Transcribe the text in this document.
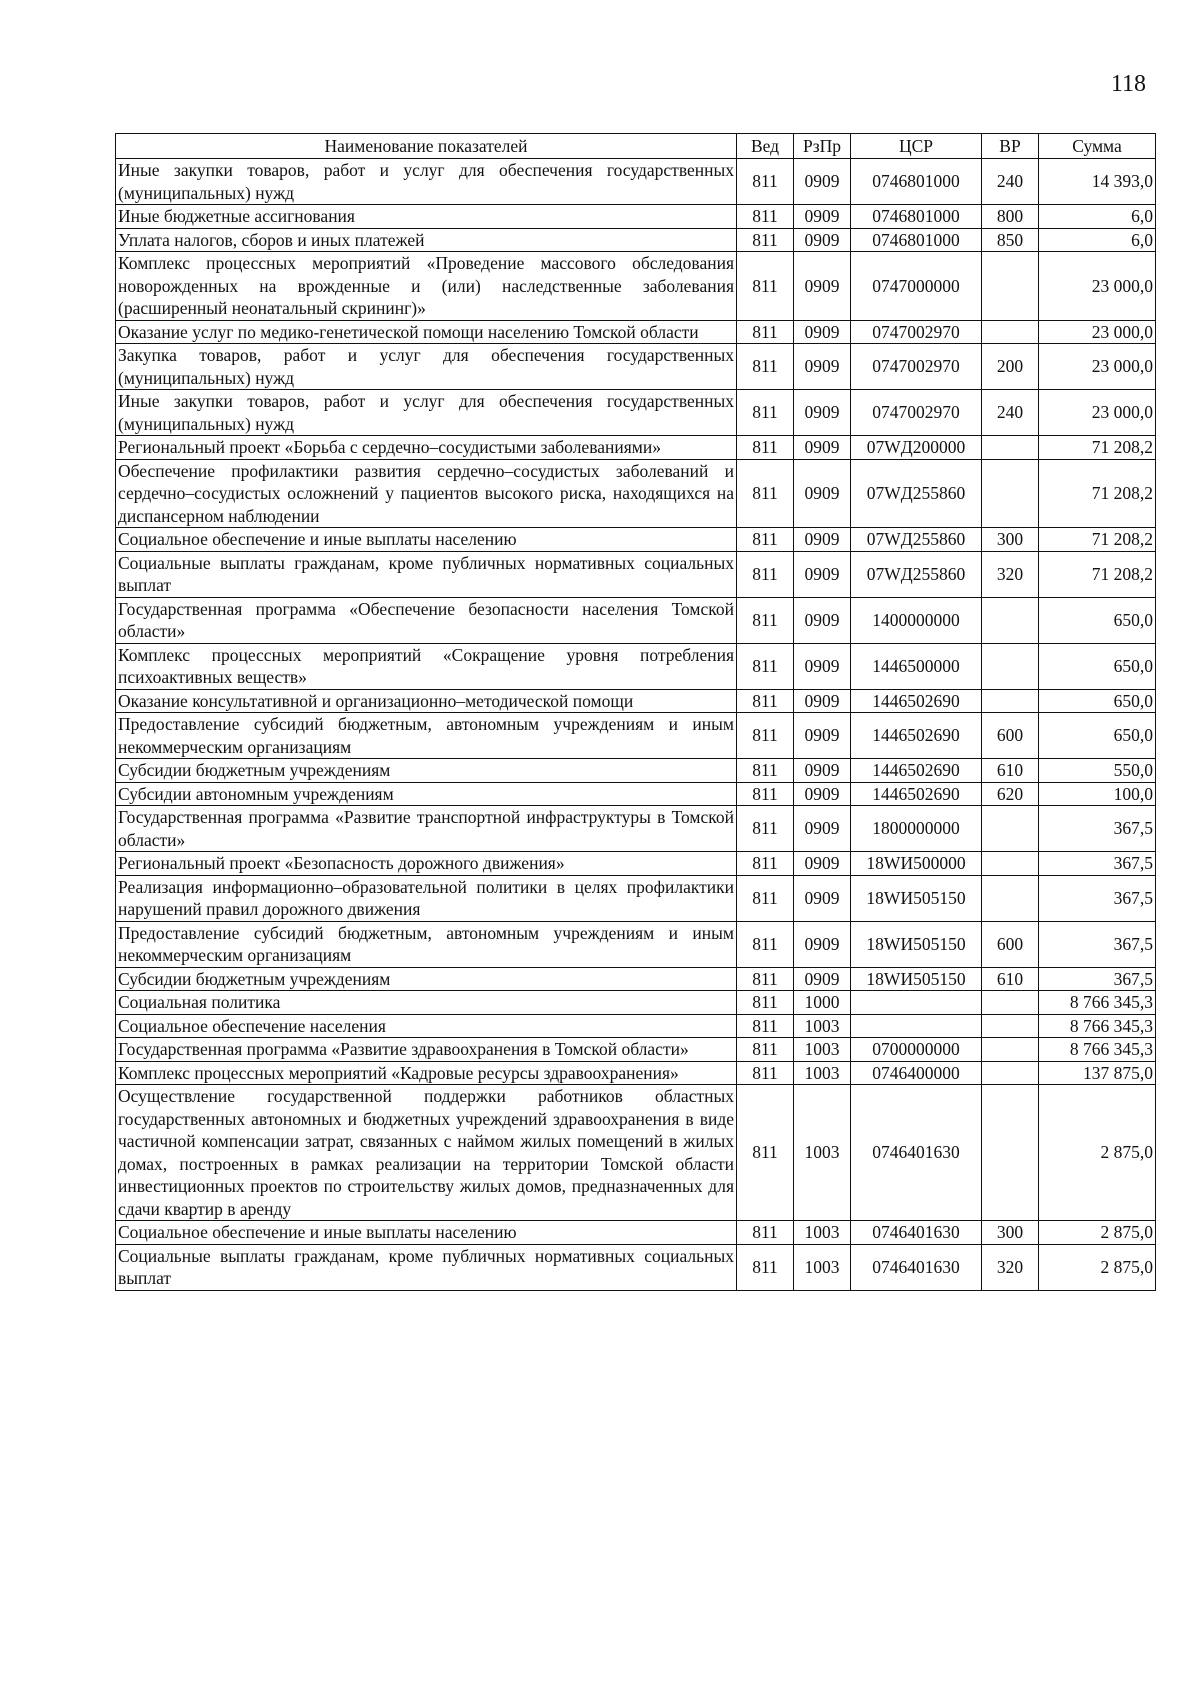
118
Наименование показателей	Вед	РзПр	ЦСР	ВР	Сумма
Иные закупки товаров, работ и услуг для обеспечения государственных (муниципальных) нужд	811	0909	0746801000	240	14 393,0
Иные бюджетные ассигнования	811	0909	0746801000	800	6,0
Уплата налогов, сборов и иных платежей	811	0909	0746801000	850	6,0
Комплекс процессных мероприятий «Проведение массового обследования новорожденных на врожденные и (или) наследственные заболевания (расширенный неонатальный скрининг)»	811	0909	0747000000		23 000,0
Оказание услуг по медико-генетической помощи населению Томской области	811	0909	0747002970		23 000,0
Закупка товаров, работ и услуг для обеспечения государственных (муниципальных) нужд	811	0909	0747002970	200	23 000,0
Иные закупки товаров, работ и услуг для обеспечения государственных (муниципальных) нужд	811	0909	0747002970	240	23 000,0
Региональный проект «Борьба с сердечно–сосудистыми заболеваниями»	811	0909	07WД200000		71 208,2
Обеспечение профилактики развития сердечно–сосудистых заболеваний и сердечно–сосудистых осложнений у пациентов высокого риска, находящихся на диспансерном наблюдении	811	0909	07WД255860		71 208,2
Социальное обеспечение и иные выплаты населению	811	0909	07WД255860	300	71 208,2
Социальные выплаты гражданам, кроме публичных нормативных социальных выплат	811	0909	07WД255860	320	71 208,2
Государственная программа «Обеспечение безопасности населения Томской области»	811	0909	1400000000		650,0
Комплекс процессных мероприятий «Сокращение уровня потребления психоактивных веществ»	811	0909	1446500000		650,0
Оказание консультативной и организационно–методической помощи	811	0909	1446502690		650,0
Предоставление субсидий бюджетным, автономным учреждениям и иным некоммерческим организациям	811	0909	1446502690	600	650,0
Субсидии бюджетным учреждениям	811	0909	1446502690	610	550,0
Субсидии автономным учреждениям	811	0909	1446502690	620	100,0
Государственная программа «Развитие транспортной инфраструктуры в Томской области»	811	0909	1800000000		367,5
Региональный проект «Безопасность дорожного движения»	811	0909	18WИ500000		367,5
Реализация информационно–образовательной политики в целях профилактики нарушений правил дорожного движения	811	0909	18WИ505150		367,5
Предоставление субсидий бюджетным, автономным учреждениям и иным некоммерческим организациям	811	0909	18WИ505150	600	367,5
Субсидии бюджетным учреждениям	811	0909	18WИ505150	610	367,5
Социальная политика	811	1000			8 766 345,3
Социальное обеспечение населения	811	1003			8 766 345,3
Государственная программа «Развитие здравоохранения в Томской области»	811	1003	0700000000		8 766 345,3
Комплекс процессных мероприятий «Кадровые ресурсы здравоохранения»	811	1003	0746400000		137 875,0
Осуществление государственной поддержки работников областных государственных автономных и бюджетных учреждений здравоохранения в виде частичной компенсации затрат, связанных с наймом жилых помещений в жилых домах, построенных в рамках реализации на территории Томской области инвестиционных проектов по строительству жилых домов, предназначенных для сдачи квартир в аренду	811	1003	0746401630		2 875,0
Социальное обеспечение и иные выплаты населению	811	1003	0746401630	300	2 875,0
Социальные выплаты гражданам, кроме публичных нормативных социальных выплат	811	1003	0746401630	320	2 875,0
